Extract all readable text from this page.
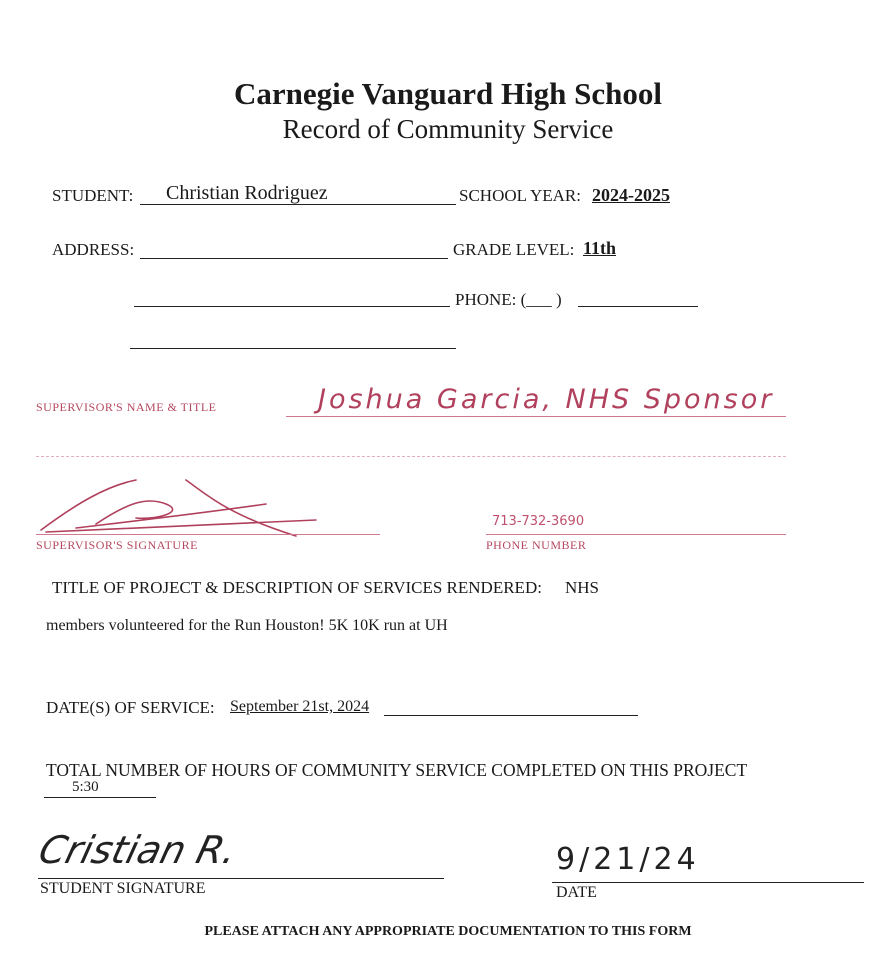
Carnegie Vanguard High School
Record of Community Service
STUDENT: Christian Rodriguez	SCHOOL YEAR: 2024-2025
ADDRESS:	GRADE LEVEL: 11th
PHONE: (___ )
SUPERVISOR'S NAME & TITLE	Joshua Garcia, NHS Sponsor
SUPERVISOR'S SIGNATURE
713-732-3690
PHONE NUMBER
TITLE OF PROJECT & DESCRIPTION OF SERVICES RENDERED: NHS
members volunteered for the Run Houston! 5K 10K run at UH
DATE(S) OF SERVICE: September 21st, 2024
TOTAL NUMBER OF HOURS OF COMMUNITY SERVICE COMPLETED ON THIS PROJECT
5:30
Cristian R.
STUDENT SIGNATURE
9/21/24
DATE
PLEASE ATTACH ANY APPROPRIATE DOCUMENTATION TO THIS FORM
